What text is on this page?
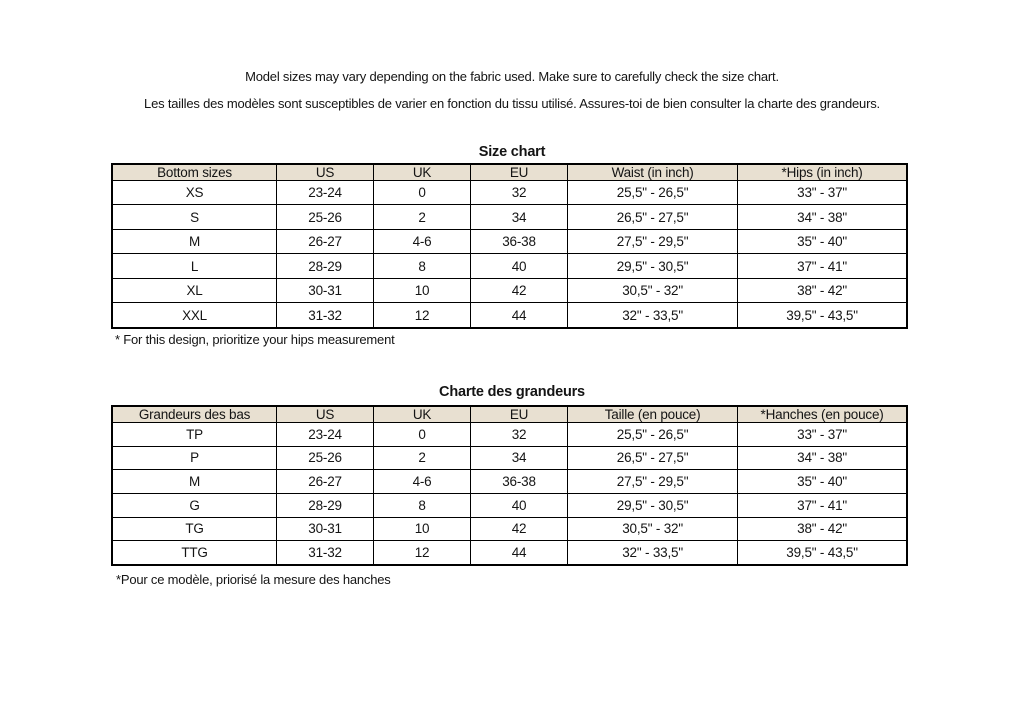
Model sizes may vary depending on the fabric used. Make sure to carefully check the size chart.
Les tailles des modèles sont susceptibles de varier en fonction du tissu utilisé. Assures-toi de bien consulter la charte des grandeurs.
Size chart
Bottom sizes	US	UK	EU	Waist (in inch)	*Hips (in inch)
XS	23-24	0	32	25,5" - 26,5"	33" - 37"
S	25-26	2	34	26,5" - 27,5"	34" - 38"
M	26-27	4-6	36-38	27,5" - 29,5"	35" - 40"
L	28-29	8	40	29,5" - 30,5"	37" - 41"
XL	30-31	10	42	30,5" - 32"	38" - 42"
XXL	31-32	12	44	32" - 33,5"	39,5" - 43,5"
* For this design, prioritize your hips measurement
Charte des grandeurs
Grandeurs des bas	US	UK	EU	Taille (en pouce)	*Hanches (en pouce)
TP	23-24	0	32	25,5" - 26,5"	33" - 37"
P	25-26	2	34	26,5" - 27,5"	34" - 38"
M	26-27	4-6	36-38	27,5" - 29,5"	35" - 40"
G	28-29	8	40	29,5" - 30,5"	37" - 41"
TG	30-31	10	42	30,5" - 32"	38" - 42"
TTG	31-32	12	44	32" - 33,5"	39,5" - 43,5"
*Pour ce modèle, priorisé la mesure des hanches
